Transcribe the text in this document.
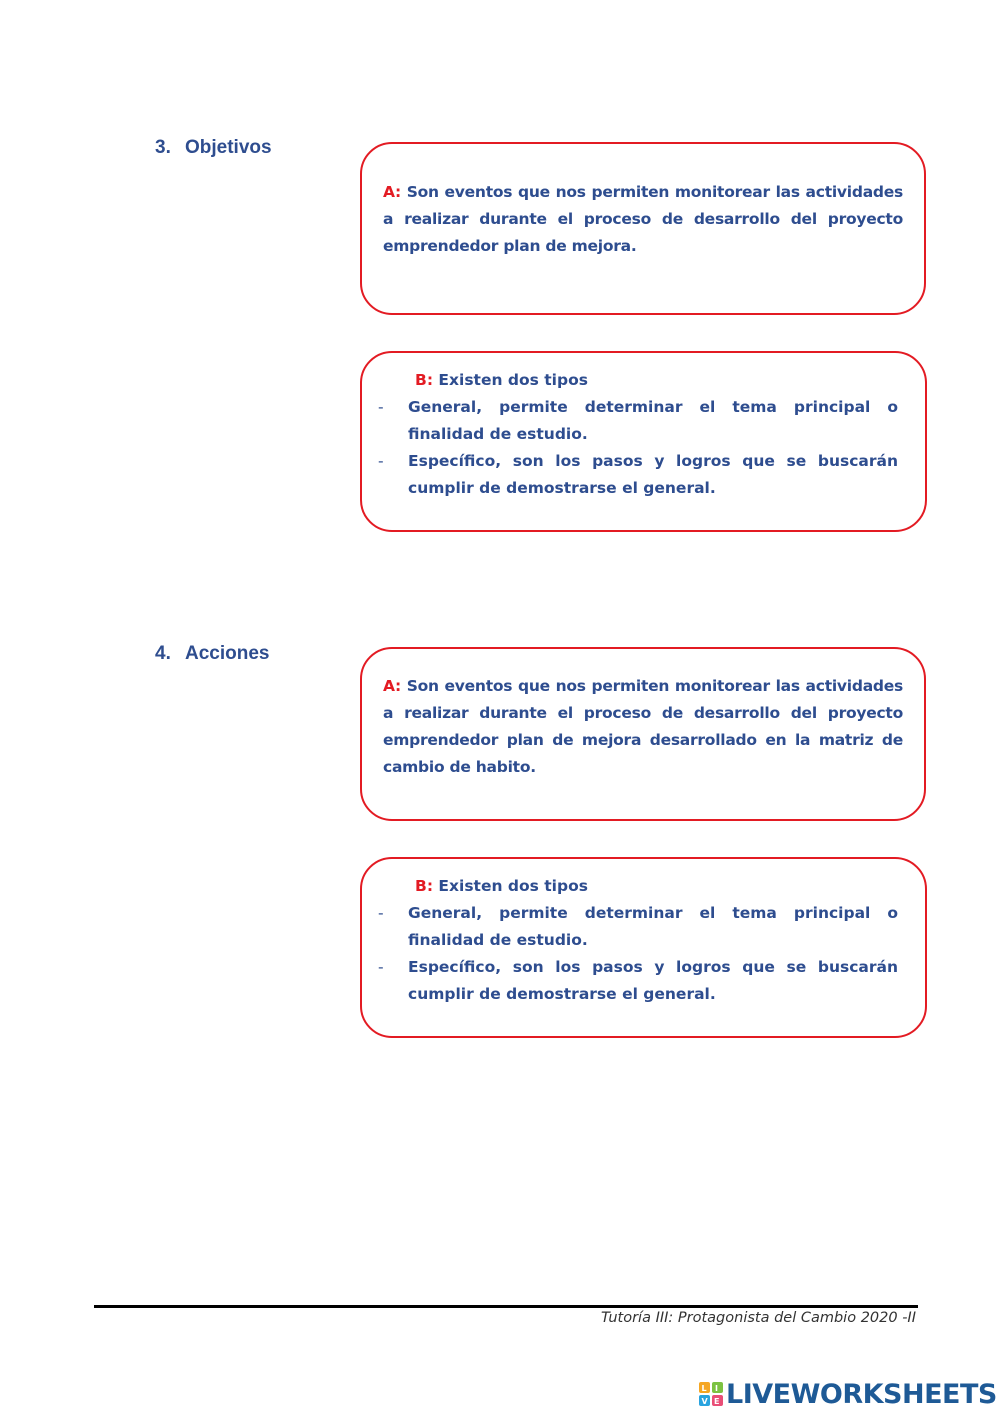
3. Objetivos
A: Son eventos que nos permiten monitorear las actividades a realizar durante el proceso de desarrollo del proyecto emprendedor plan de mejora.
B: Existen dos tipos
- General, permite determinar el tema principal o finalidad de estudio.
- Específico, son los pasos y logros que se buscarán cumplir de demostrarse el general.
4. Acciones
A: Son eventos que nos permiten monitorear las actividades a realizar durante el proceso de desarrollo del proyecto emprendedor plan de mejora desarrollado en la matriz de cambio de habito.
B: Existen dos tipos
- General, permite determinar el tema principal o finalidad de estudio.
- Específico, son los pasos y logros que se buscarán cumplir de demostrarse el general.
Tutoría III: Protagonista del Cambio 2020 -II
L I
V E LIVEWORKSHEETS
